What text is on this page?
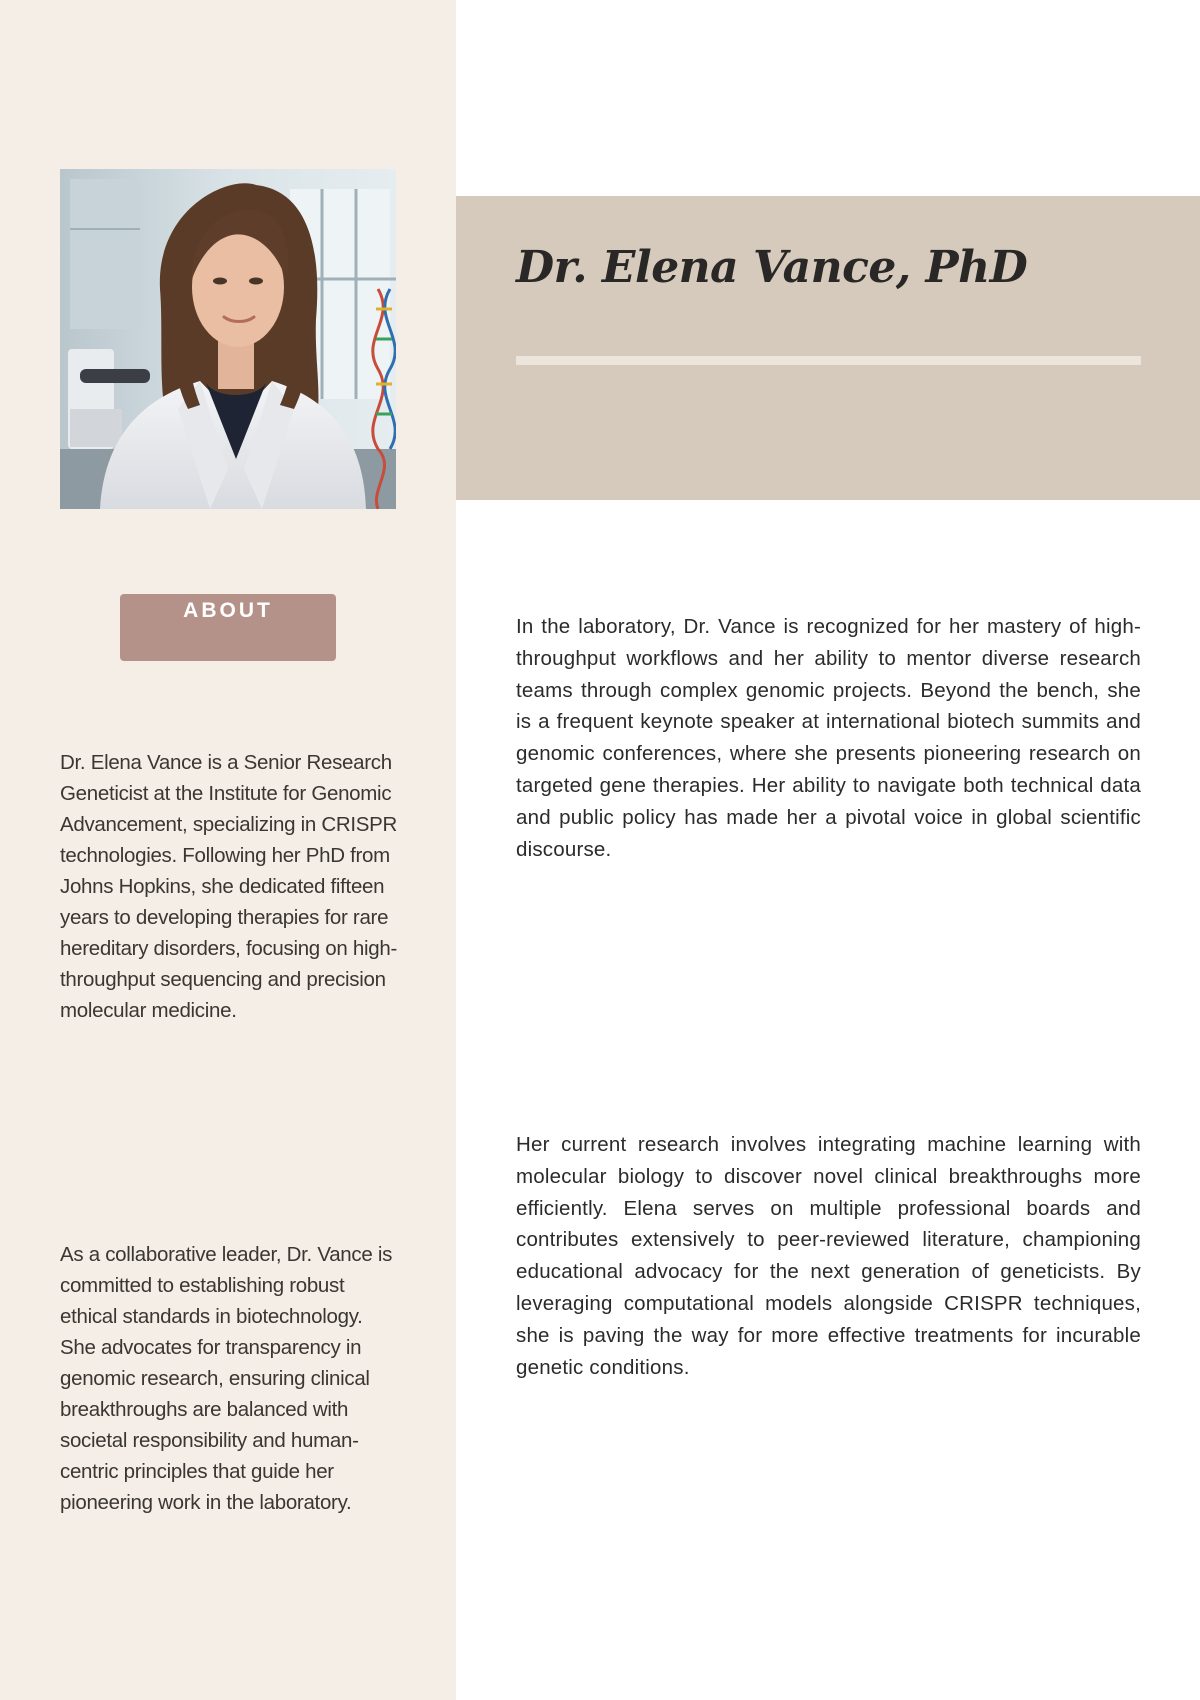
ABOUT

Dr. Elena Vance is a Senior Research Geneticist at the Institute for Genomic Advancement, specializing in CRISPR technologies. Following her PhD from Johns Hopkins, she dedicated fifteen years to developing therapies for rare hereditary disorders, focusing on high-throughput sequencing and precision molecular medicine.

As a collaborative leader, Dr. Vance is committed to establishing robust ethical standards in biotechnology. She advocates for transparency in genomic research, ensuring clinical breakthroughs are balanced with societal responsibility and human-centric principles that guide her pioneering work in the laboratory.

Dr. Elena Vance, PhD

In the laboratory, Dr. Vance is recognized for her mastery of high-throughput workflows and her ability to mentor diverse research teams through complex genomic projects. Beyond the bench, she is a frequent keynote speaker at international biotech summits and genomic conferences, where she presents pioneering research on targeted gene therapies. Her ability to navigate both technical data and public policy has made her a pivotal voice in global scientific discourse.

Her current research involves integrating machine learning with molecular biology to discover novel clinical breakthroughs more efficiently. Elena serves on multiple professional boards and contributes extensively to peer-reviewed literature, championing educational advocacy for the next generation of geneticists. By leveraging computational models alongside CRISPR techniques, she is paving the way for more effective treatments for incurable genetic conditions.
